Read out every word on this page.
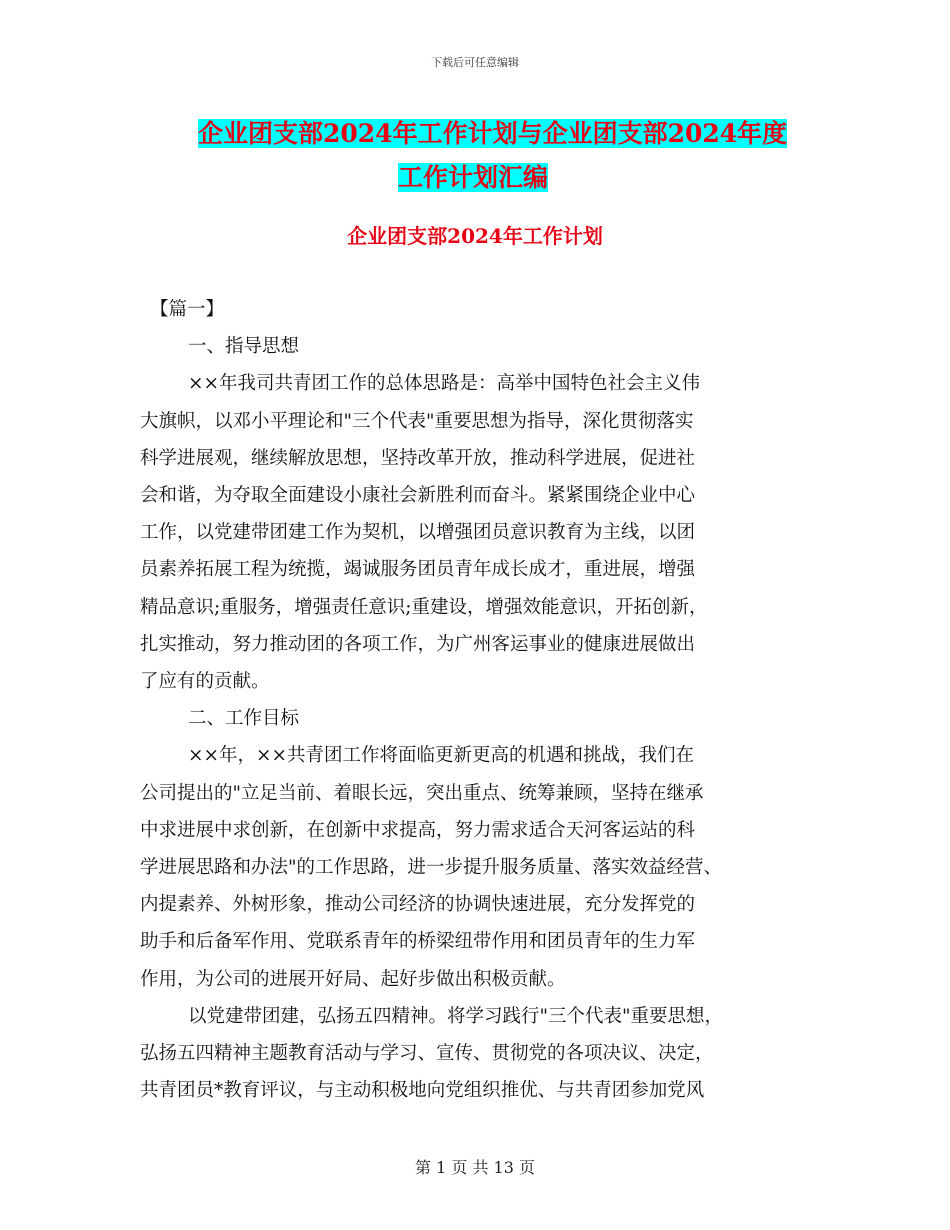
下载后可任意编辑
企业团支部2024年工作计划与企业团支部2024年度
工作计划汇编
企业团支部2024年工作计划
【篇一】
一、指导思想
××年我司共青团工作的总体思路是：高举中国特色社会主义伟
大旗帜，以邓小平理论和"三个代表"重要思想为指导，深化贯彻落实
科学进展观，继续解放思想，坚持改革开放，推动科学进展，促进社
会和谐，为夺取全面建设小康社会新胜利而奋斗。紧紧围绕企业中心
工作，以党建带团建工作为契机，以增强团员意识教育为主线，以团
员素养拓展工程为统揽，竭诚服务团员青年成长成才，重进展，增强
精品意识;重服务，增强责任意识;重建设，增强效能意识，开拓创新，
扎实推动，努力推动团的各项工作，为广州客运事业的健康进展做出
了应有的贡献。
二、工作目标
××年，××共青团工作将面临更新更高的机遇和挑战，我们在
公司提出的"立足当前、着眼长远，突出重点、统筹兼顾，坚持在继承
中求进展中求创新，在创新中求提高，努力需求适合天河客运站的科
学进展思路和办法"的工作思路，进一步提升服务质量、落实效益经营、
内提素养、外树形象，推动公司经济的协调快速进展，充分发挥党的
助手和后备军作用、党联系青年的桥梁纽带作用和团员青年的生力军
作用，为公司的进展开好局、起好步做出积极贡献。
以党建带团建，弘扬五四精神。将学习践行"三个代表"重要思想，
弘扬五四精神主题教育活动与学习、宣传、贯彻党的各项决议、决定，
共青团员*教育评议，与主动积极地向党组织推优、与共青团参加党风
第 1 页 共 13 页
